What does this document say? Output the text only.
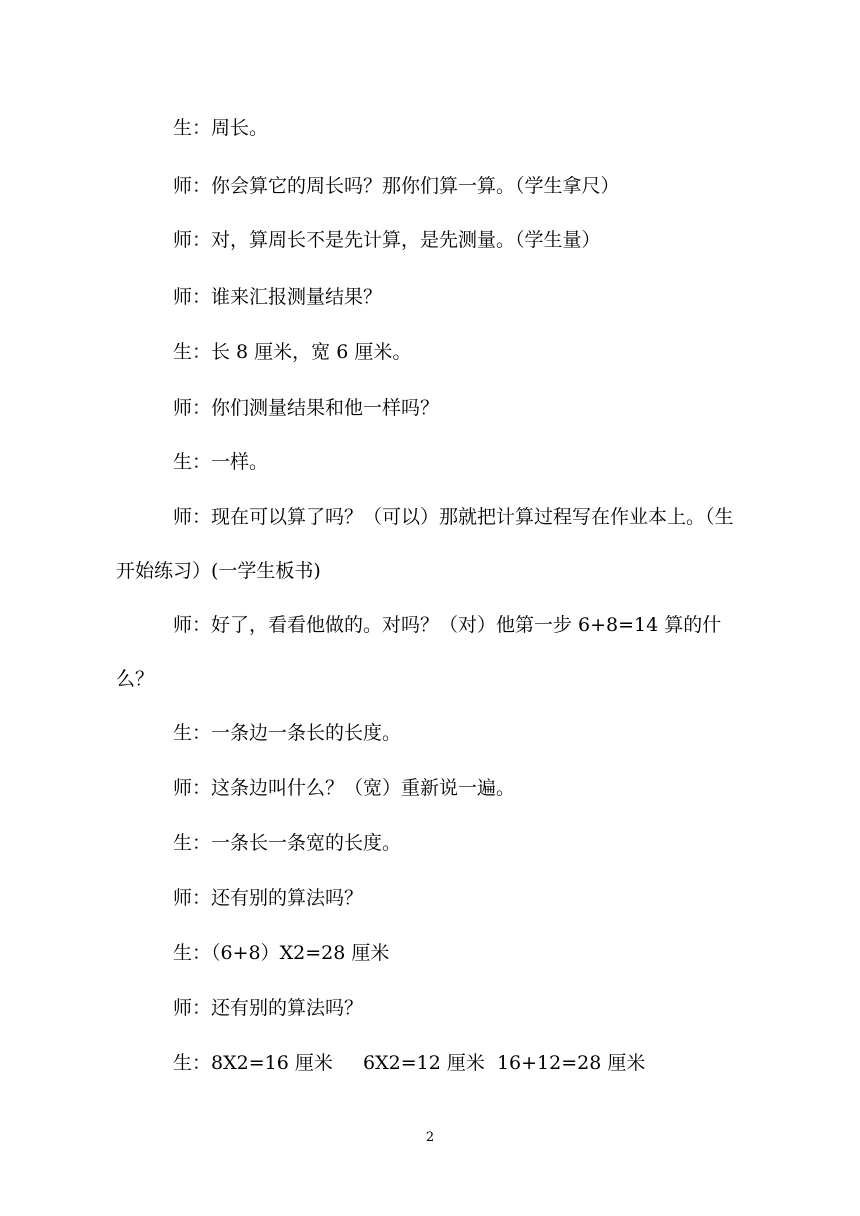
生：周长。

师：你会算它的周长吗？那你们算一算。（学生拿尺）

师：对，算周长不是先计算，是先测量。（学生量）

师：谁来汇报测量结果？

生：长 8 厘米，宽 6 厘米。

师：你们测量结果和他一样吗？

生：一样。

师：现在可以算了吗？（可以）那就把计算过程写在作业本上。（生开始练习）(一学生板书)

师：好了，看看他做的。对吗？（对）他第一步 6+8=14 算的什么？

生：一条边一条长的长度。

师：这条边叫什么？（宽）重新说一遍。

生：一条长一条宽的长度。

师：还有别的算法吗？

生：（6+8）X2=28 厘米

师：还有别的算法吗？

生：8X2=16 厘米     6X2=12 厘米  16+12=28 厘米

2
